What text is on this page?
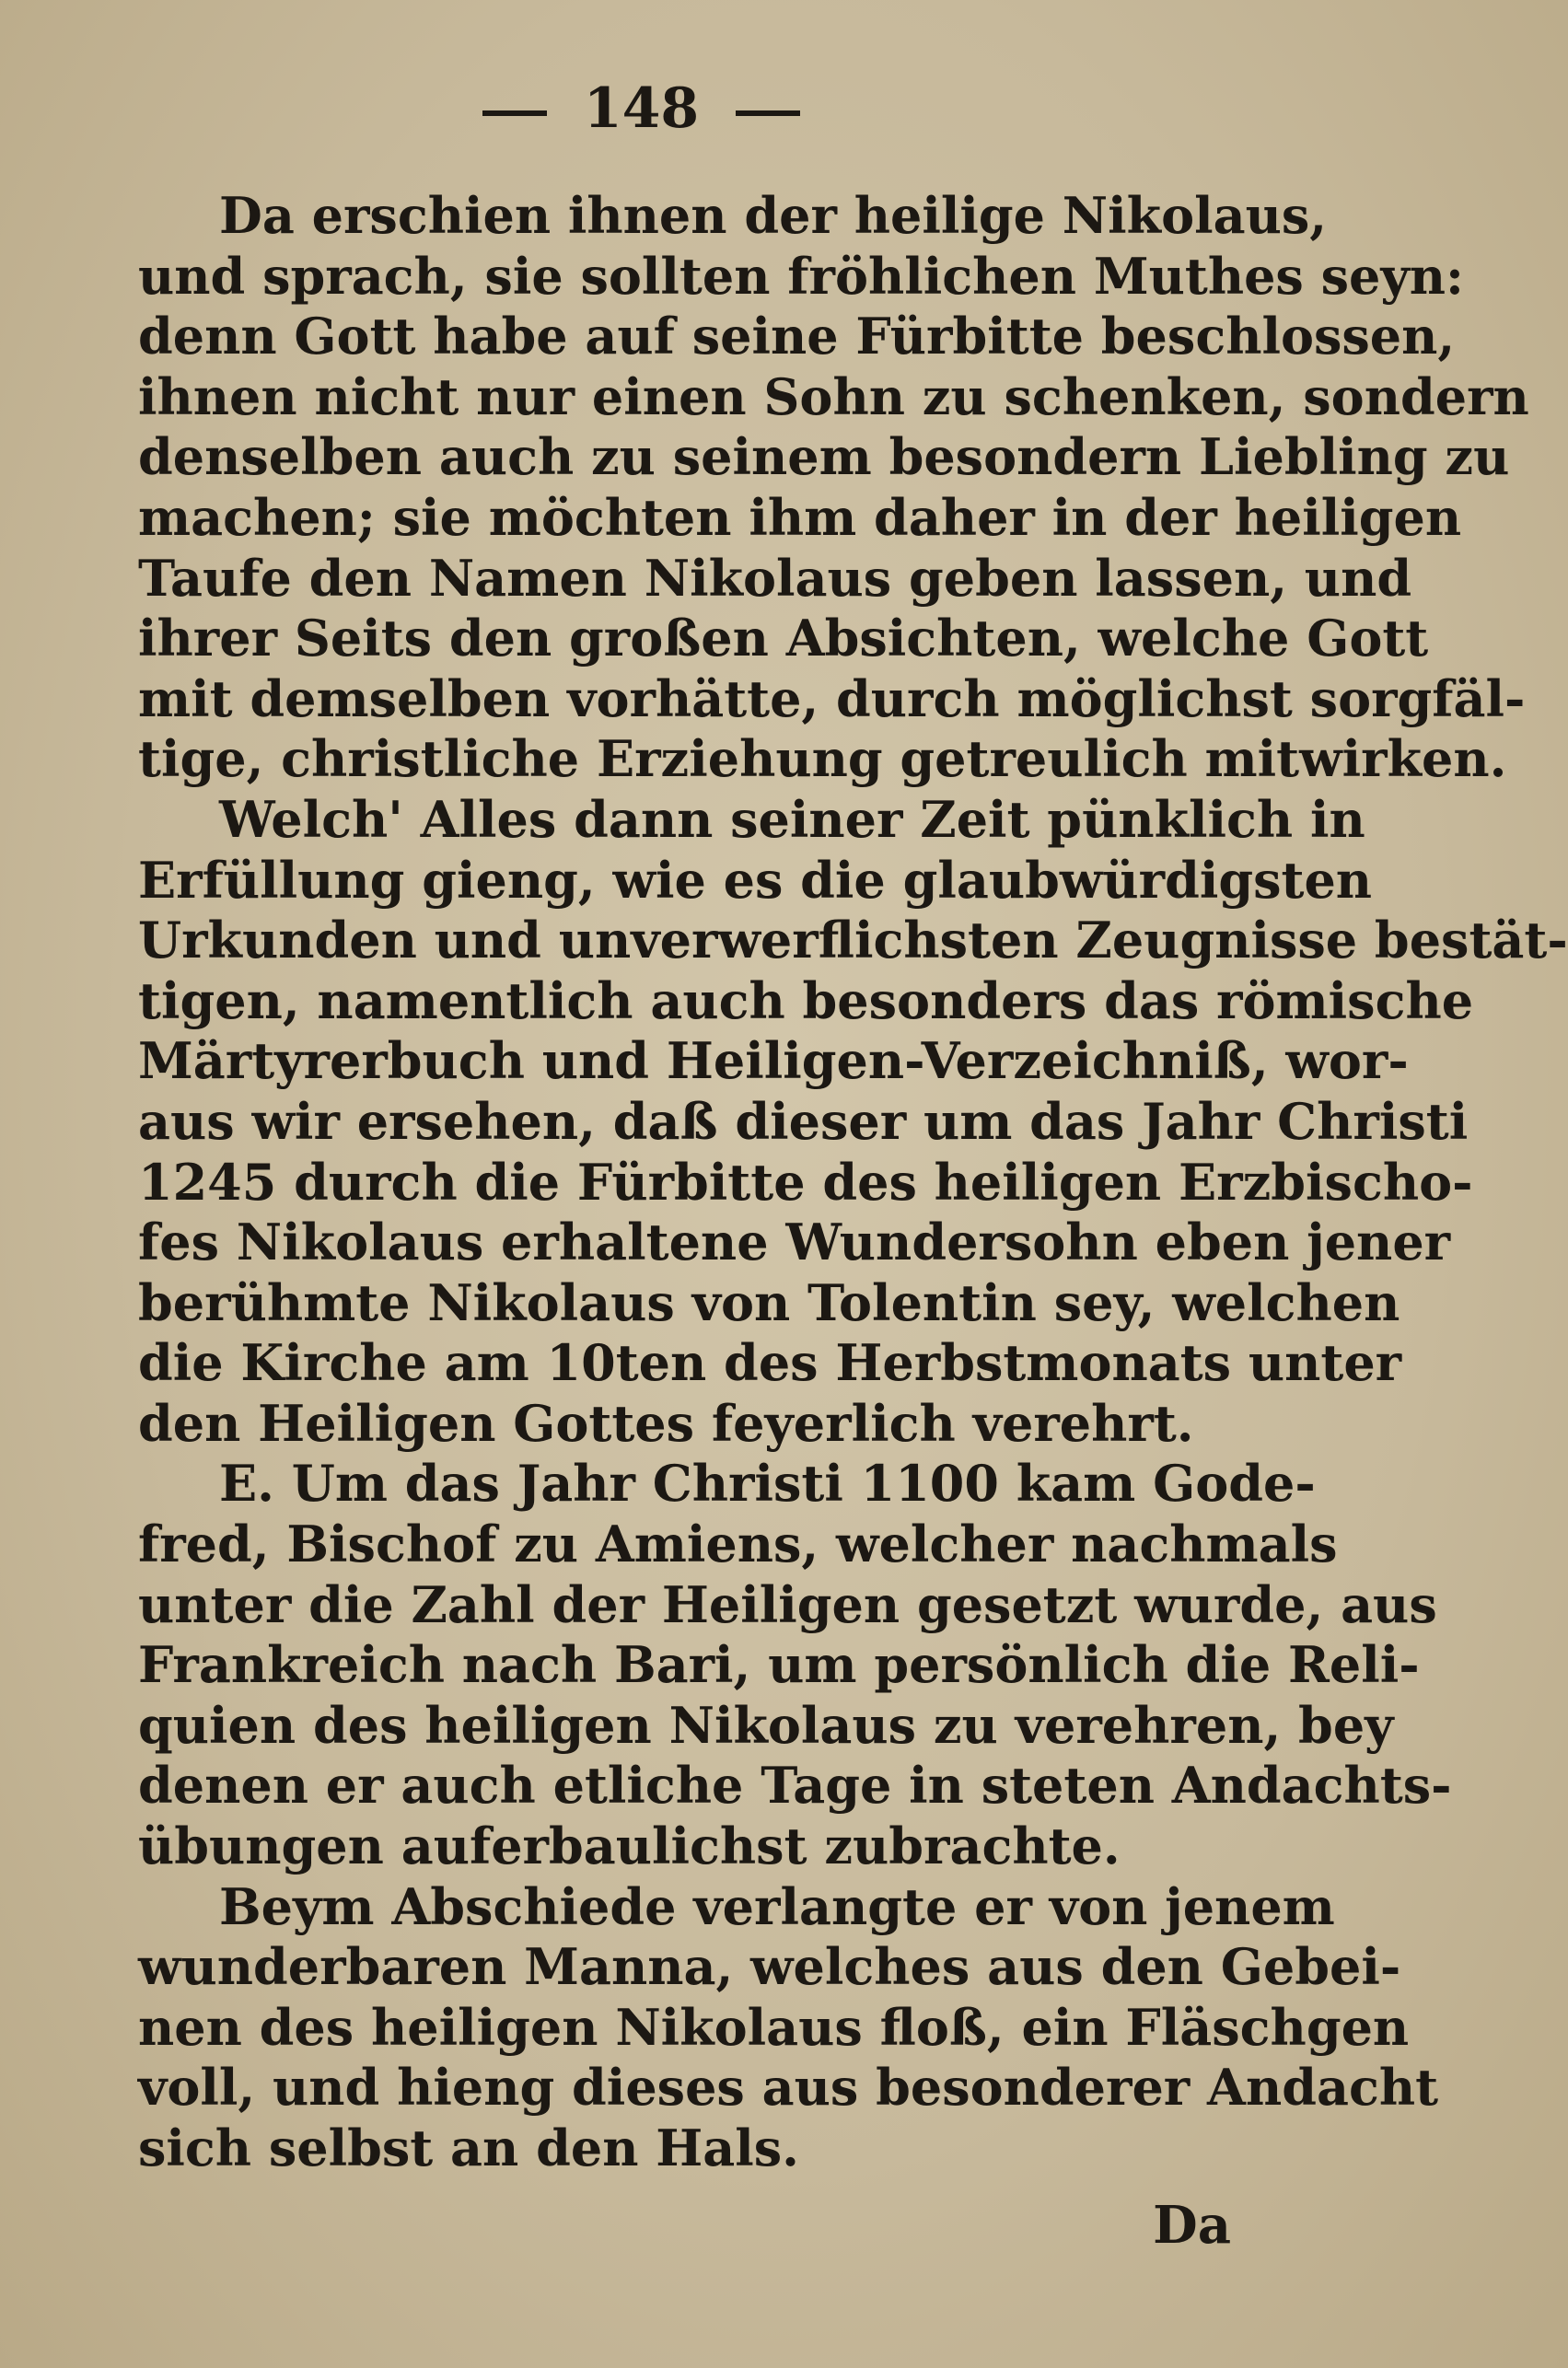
148
Da erschien ihnen der heilige Nikolaus,
und sprach, sie sollten fröhlichen Muthes seyn:
denn Gott habe auf seine Fürbitte beschlossen,
ihnen nicht nur einen Sohn zu schenken, sondern
denselben auch zu seinem besondern Liebling zu
machen; sie möchten ihm daher in der heiligen
Taufe den Namen Nikolaus geben lassen, und
ihrer Seits den großen Absichten, welche Gott
mit demselben vorhätte, durch möglichst sorgfäl-
tige, christliche Erziehung getreulich mitwirken.
Welch' Alles dann seiner Zeit pünklich in
Erfüllung gieng, wie es die glaubwürdigsten
Urkunden und unverwerflichsten Zeugnisse bestät-
tigen, namentlich auch besonders das römische
Märtyrerbuch und Heiligen-Verzeichniß, wor-
aus wir ersehen, daß dieser um das Jahr Christi
1245 durch die Fürbitte des heiligen Erzbischo-
fes Nikolaus erhaltene Wundersohn eben jener
berühmte Nikolaus von Tolentin sey, welchen
die Kirche am 10ten des Herbstmonats unter
den Heiligen Gottes feyerlich verehrt.
E. Um das Jahr Christi 1100 kam Gode-
fred, Bischof zu Amiens, welcher nachmals
unter die Zahl der Heiligen gesetzt wurde, aus
Frankreich nach Bari, um persönlich die Reli-
quien des heiligen Nikolaus zu verehren, bey
denen er auch etliche Tage in steten Andachts-
übungen auferbaulichst zubrachte.
Beym Abschiede verlangte er von jenem
wunderbaren Manna, welches aus den Gebei-
nen des heiligen Nikolaus floß, ein Fläschgen
voll, und hieng dieses aus besonderer Andacht
sich selbst an den Hals.
Da
